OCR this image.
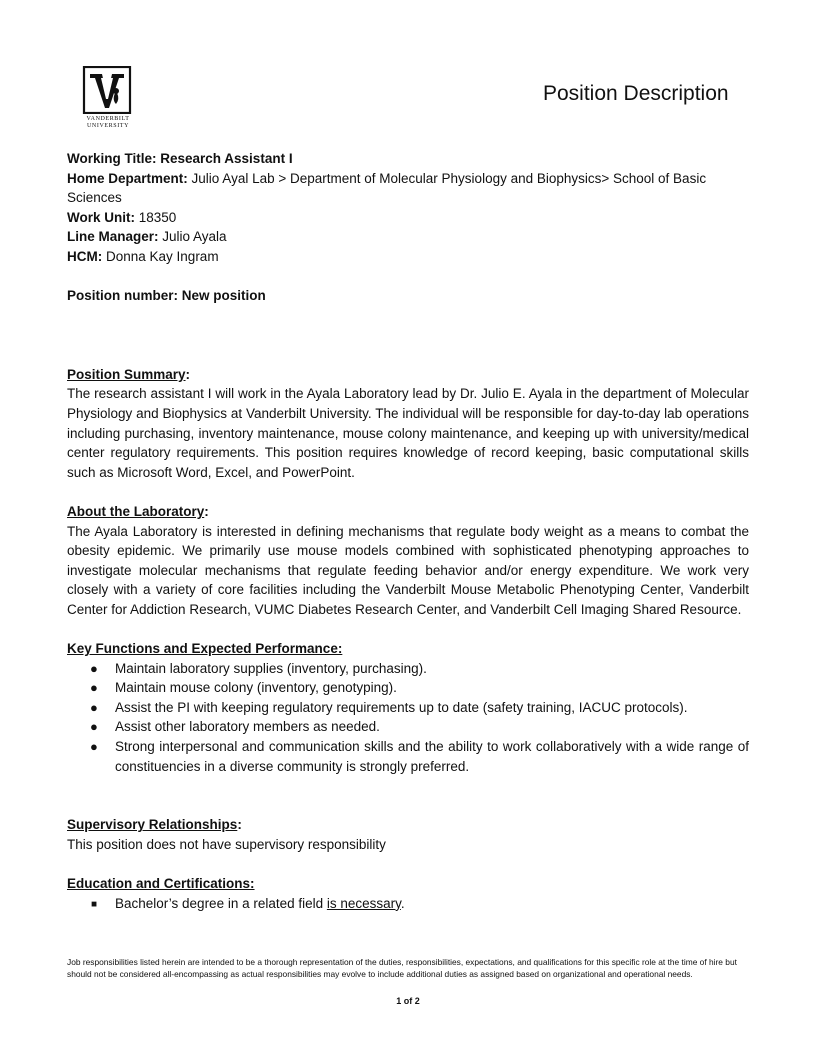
VANDERBILT
UNIVERSITY
Position Description

Working Title: Research Assistant I

Home Department: Julio Ayal Lab > Department of Molecular Physiology and Biophysics> School of Basic Sciences

Work Unit: 18350

Line Manager: Julio Ayala

HCM: Donna Kay Ingram

Position number: New position

Position Summary:

The research assistant I will work in the Ayala Laboratory lead by Dr. Julio E. Ayala in the department of Molecular Physiology and Biophysics at Vanderbilt University. The individual will be responsible for day-to-day lab operations including purchasing, inventory maintenance, mouse colony maintenance, and keeping up with university/medical center regulatory requirements. This position requires knowledge of record keeping, basic computational skills such as Microsoft Word, Excel, and PowerPoint.

About the Laboratory:

The Ayala Laboratory is interested in defining mechanisms that regulate body weight as a means to combat the obesity epidemic. We primarily use mouse models combined with sophisticated phenotyping approaches to investigate molecular mechanisms that regulate feeding behavior and/or energy expenditure. We work very closely with a variety of core facilities including the Vanderbilt Mouse Metabolic Phenotyping Center, Vanderbilt Center for Addiction Research, VUMC Diabetes Research Center, and Vanderbilt Cell Imaging Shared Resource.

Key Functions and Expected Performance:

● Maintain laboratory supplies (inventory, purchasing).
● Maintain mouse colony (inventory, genotyping).
● Assist the PI with keeping regulatory requirements up to date (safety training, IACUC protocols).
● Assist other laboratory members as needed.
● Strong interpersonal and communication skills and the ability to work collaboratively with a wide range of constituencies in a diverse community is strongly preferred.

Supervisory Relationships:

This position does not have supervisory responsibility

Education and Certifications:

■ Bachelor’s degree in a related field is necessary.
Job responsibilities listed herein are intended to be a thorough representation of the duties, responsibilities, expectations, and qualifications for this specific role at the time of hire but should not be considered all-encompassing as actual responsibilities may evolve to include additional duties as assigned based on organizational and operational needs.
1 of 2
